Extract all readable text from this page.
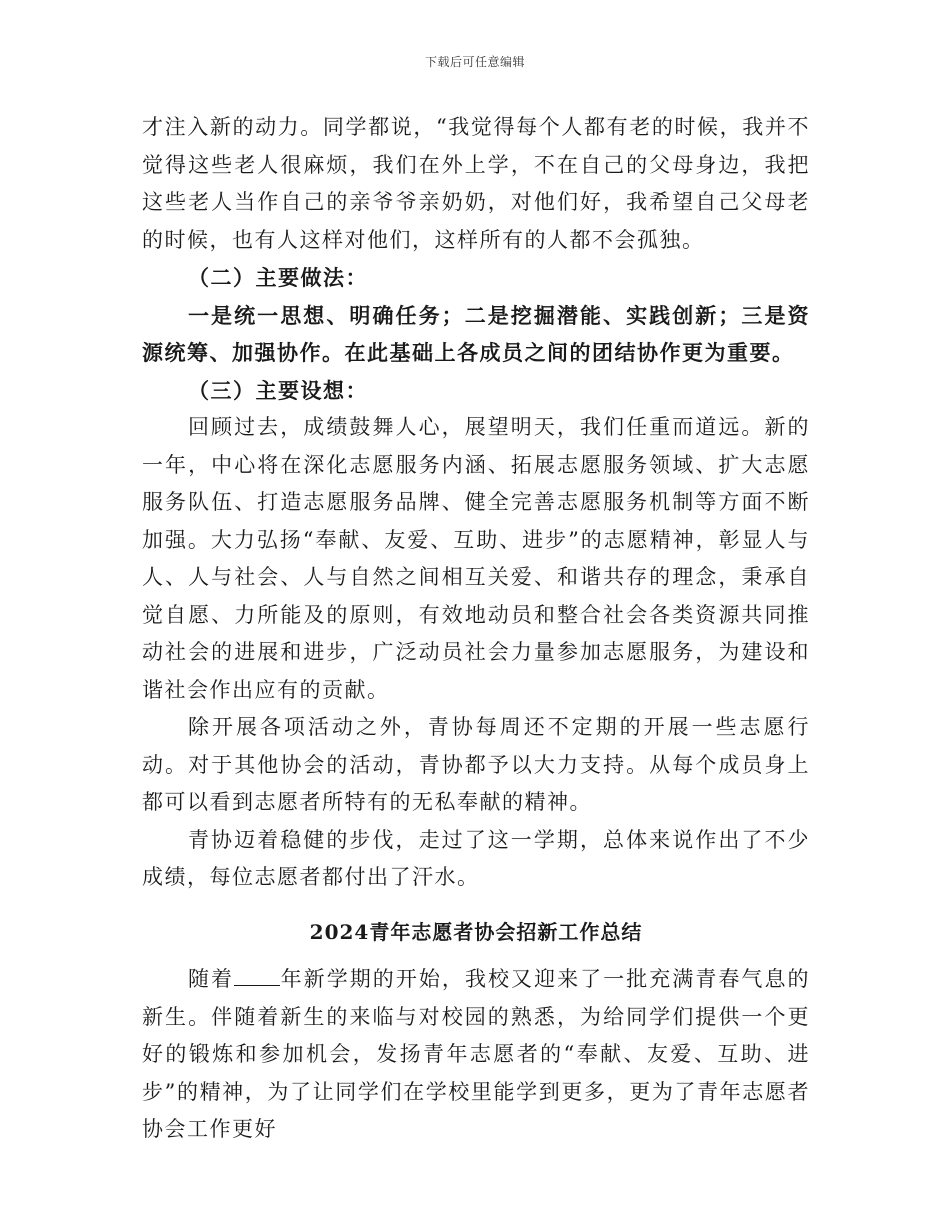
下载后可任意编辑

才注入新的动力。同学都说，“我觉得每个人都有老的时候，我并不觉得这些老人很麻烦，我们在外上学，不在自己的父母身边，我把这些老人当作自己的亲爷爷亲奶奶，对他们好，我希望自己父母老的时候，也有人这样对他们，这样所有的人都不会孤独。

（二）主要做法：

一是统一思想、明确任务；二是挖掘潜能、实践创新；三是资源统筹、加强协作。在此基础上各成员之间的团结协作更为重要。

（三）主要设想：

回顾过去，成绩鼓舞人心，展望明天，我们任重而道远。新的一年，中心将在深化志愿服务内涵、拓展志愿服务领域、扩大志愿服务队伍、打造志愿服务品牌、健全完善志愿服务机制等方面不断加强。大力弘扬“奉献、友爱、互助、进步”的志愿精神，彰显人与人、人与社会、人与自然之间相互关爱、和谐共存的理念，秉承自觉自愿、力所能及的原则，有效地动员和整合社会各类资源共同推动社会的进展和进步，广泛动员社会力量参加志愿服务，为建设和谐社会作出应有的贡献。

除开展各项活动之外，青协每周还不定期的开展一些志愿行动。对于其他协会的活动，青协都予以大力支持。从每个成员身上都可以看到志愿者所特有的无私奉献的精神。

青协迈着稳健的步伐，走过了这一学期，总体来说作出了不少成绩，每位志愿者都付出了汗水。

2024青年志愿者协会招新工作总结

随着 年新学期的开始，我校又迎来了一批充满青春气息的新生。伴随着新生的来临与对校园的熟悉，为给同学们提供一个更好的锻炼和参加机会，发扬青年志愿者的“奉献、友爱、互助、进步”的精神，为了让同学们在学校里能学到更多，更为了青年志愿者协会工作更好
